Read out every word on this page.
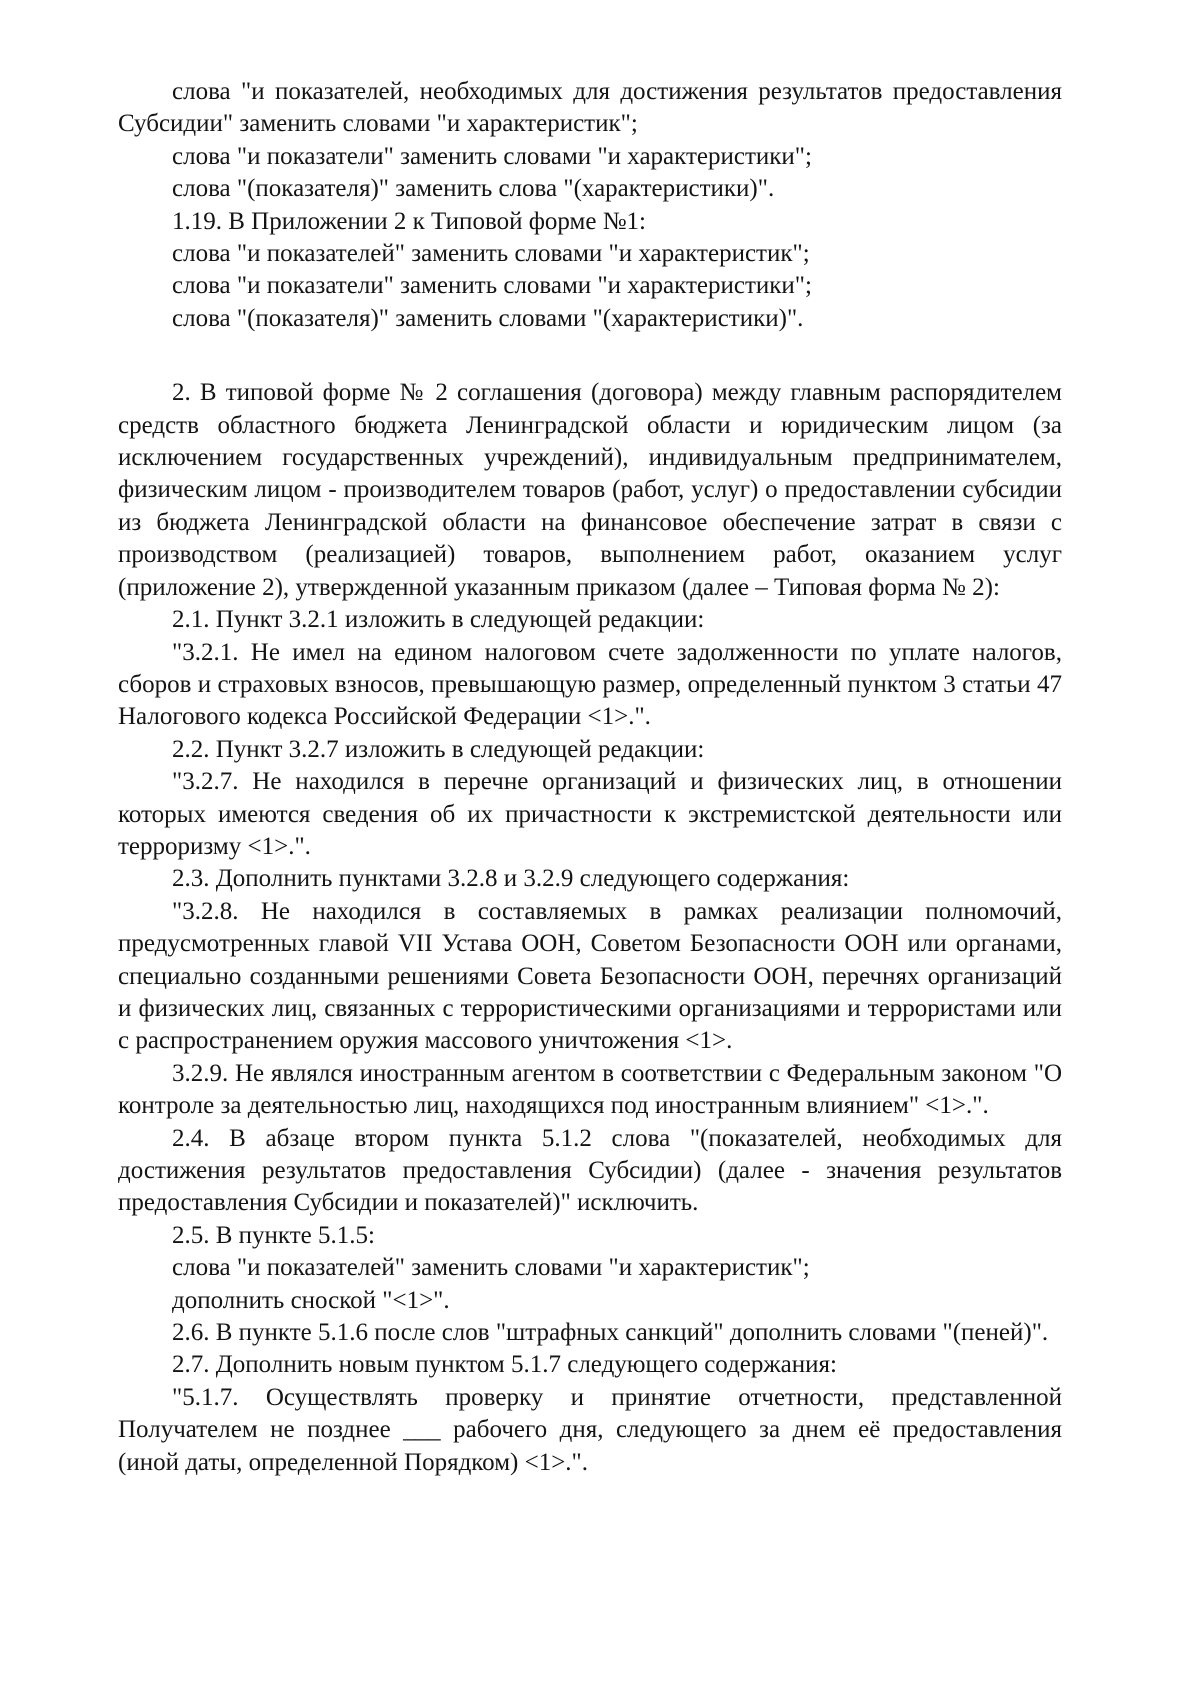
слова "и показателей, необходимых для достижения результатов предоставления Субсидии" заменить словами "и характеристик";

слова "и показатели" заменить словами "и характеристики";

слова "(показателя)" заменить слова "(характеристики)".

1.19. В Приложении 2 к Типовой форме №1:

слова "и показателей" заменить словами "и характеристик";

слова "и показатели" заменить словами "и характеристики";

слова "(показателя)" заменить словами "(характеристики)".

2. В типовой форме № 2 соглашения (договора) между главным распорядителем средств областного бюджета Ленинградской области и юридическим лицом (за исключением государственных учреждений), индивидуальным предпринимателем, физическим лицом - производителем товаров (работ, услуг) о предоставлении субсидии из бюджета Ленинградской области на финансовое обеспечение затрат в связи с производством (реализацией) товаров, выполнением работ, оказанием услуг (приложение 2), утвержденной указанным приказом (далее – Типовая форма № 2):

2.1. Пункт 3.2.1 изложить в следующей редакции:

"3.2.1. Не имел на едином налоговом счете задолженности по уплате налогов, сборов и страховых взносов, превышающую размер, определенный пунктом 3 статьи 47 Налогового кодекса Российской Федерации <1>.".

2.2. Пункт 3.2.7 изложить в следующей редакции:

"3.2.7. Не находился в перечне организаций и физических лиц, в отношении которых имеются сведения об их причастности к экстремистской деятельности или терроризму <1>.".

2.3. Дополнить пунктами 3.2.8 и 3.2.9 следующего содержания:

"3.2.8. Не находился в составляемых в рамках реализации полномочий, предусмотренных главой VII Устава ООН, Советом Безопасности ООН или органами, специально созданными решениями Совета Безопасности ООН, перечнях организаций и физических лиц, связанных с террористическими организациями и террористами или с распространением оружия массового уничтожения <1>.

3.2.9. Не являлся иностранным агентом в соответствии с Федеральным законом "О контроле за деятельностью лиц, находящихся под иностранным влиянием" <1>.".

2.4. В абзаце втором пункта 5.1.2 слова "(показателей, необходимых для достижения результатов предоставления Субсидии) (далее - значения результатов предоставления Субсидии и показателей)" исключить.

2.5. В пункте 5.1.5:

слова "и показателей" заменить словами "и характеристик";

дополнить сноской "<1>".

2.6. В пункте 5.1.6 после слов "штрафных санкций" дополнить словами "(пеней)".

2.7. Дополнить новым пунктом 5.1.7 следующего содержания:

"5.1.7. Осуществлять проверку и принятие отчетности, представленной Получателем не позднее ___ рабочего дня, следующего за днем её предоставления (иной даты, определенной Порядком) <1>.".
